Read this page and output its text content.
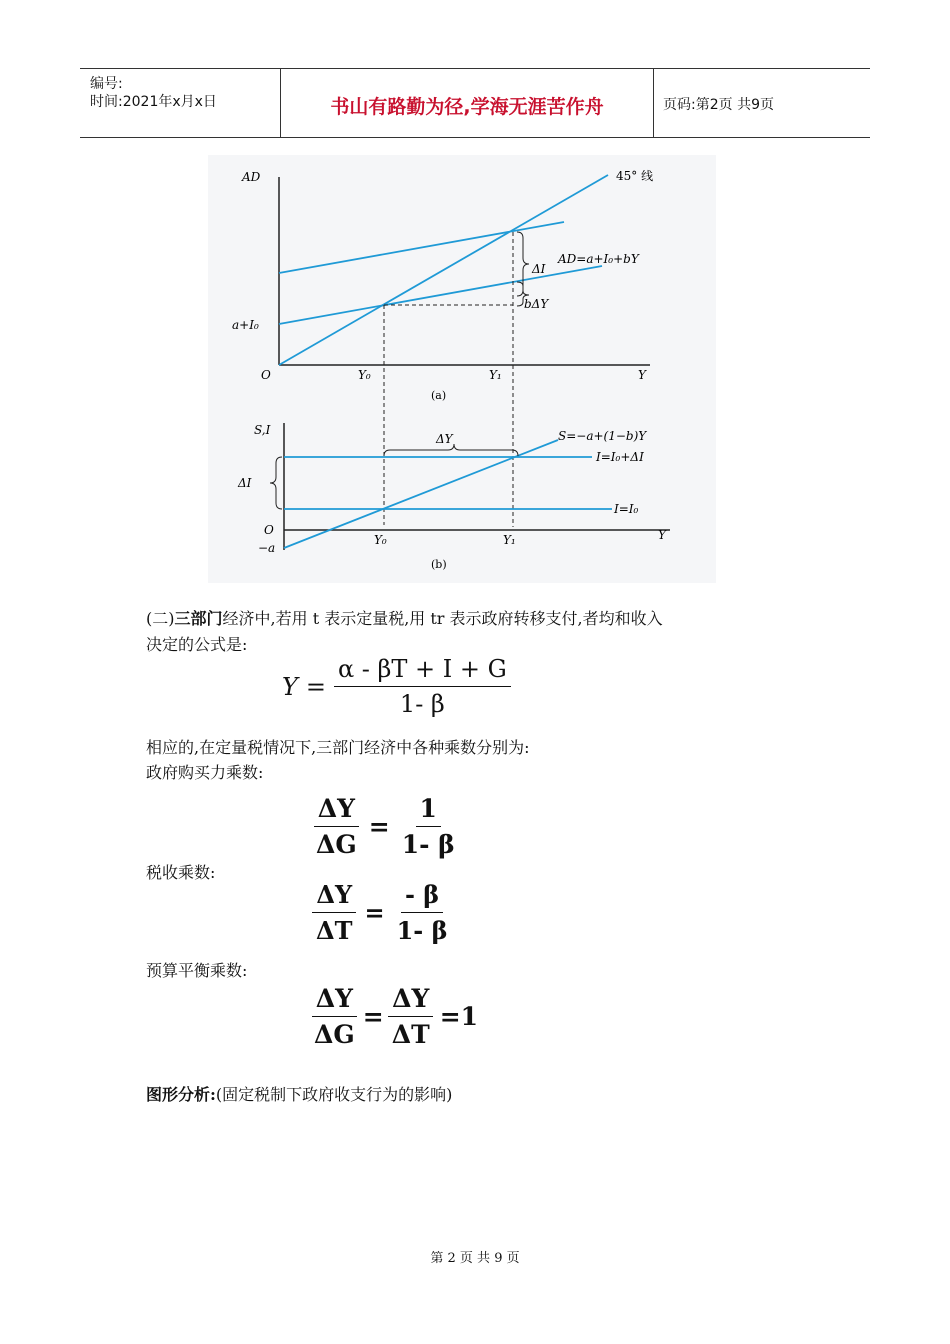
编号:
时间:2021年x月x日	书山有路勤为径,学海无涯苦作舟	页码:第2页 共9页
AD	45° 线
AD=a+I₀+bY
ΔI
bΔY
a+I₀
O	Y₀	Y₁	Y
(a)
S,I	S=−a+(1−b)Y
I=I₀+ΔI
I=I₀
ΔI
ΔY
O
−a
Y₀	Y₁	Y
(b)
(二)三部门经济中,若用 t 表示定量税,用 tr 表示政府转移支付,者均和收入
决定的公式是:
$Y = \frac{\alpha - \beta T + I + G}{1- \beta}$
相应的,在定量税情况下,三部门经济中各种乘数分别为:
政府购买力乘数:
$\frac{\Delta Y}{\Delta G} = \frac{1}{1- \beta}$
税收乘数:
$\frac{\Delta Y}{\Delta T} = \frac{- \beta}{1- \beta}$
预算平衡乘数:
$\frac{\Delta Y}{\Delta G} = \frac{\Delta Y}{\Delta T} =1$
图形分析:(固定税制下政府收支行为的影响)
第 2 页 共 9 页
